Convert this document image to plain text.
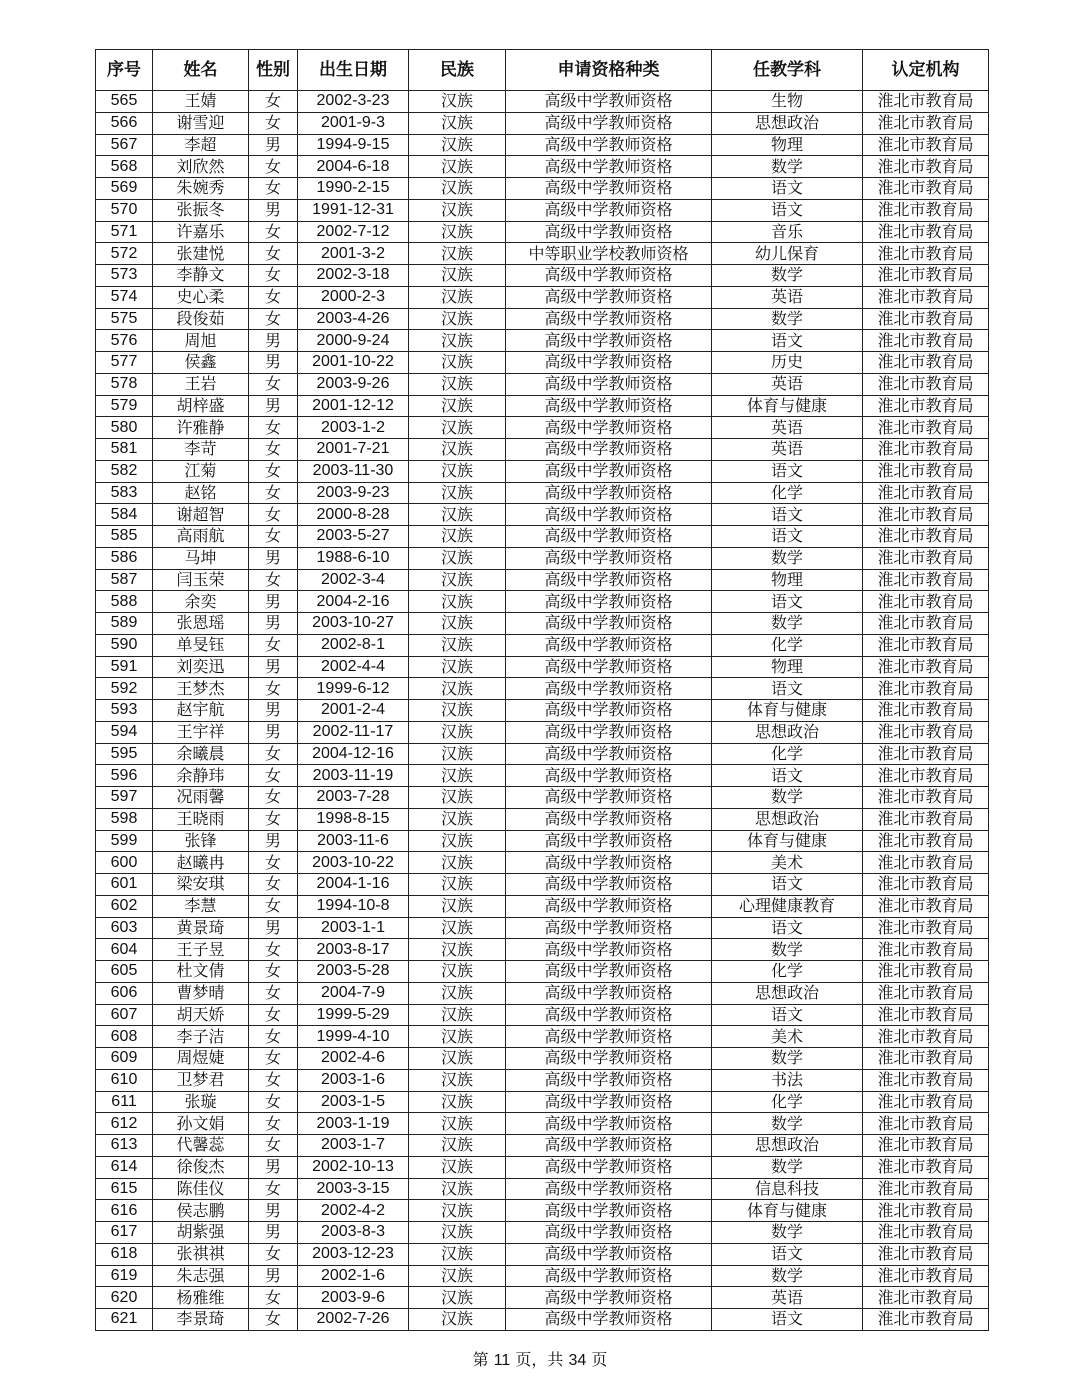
序号	姓名	性别	出生日期	民族	申请资格种类	任教学科	认定机构
565	王婧	女	2002-3-23	汉族	高级中学教师资格	生物	淮北市教育局
566	谢雪迎	女	2001-9-3	汉族	高级中学教师资格	思想政治	淮北市教育局
567	李超	男	1994-9-15	汉族	高级中学教师资格	物理	淮北市教育局
568	刘欣然	女	2004-6-18	汉族	高级中学教师资格	数学	淮北市教育局
569	朱婉秀	女	1990-2-15	汉族	高级中学教师资格	语文	淮北市教育局
570	张振冬	男	1991-12-31	汉族	高级中学教师资格	语文	淮北市教育局
571	许嘉乐	女	2002-7-12	汉族	高级中学教师资格	音乐	淮北市教育局
572	张建悦	女	2001-3-2	汉族	中等职业学校教师资格	幼儿保育	淮北市教育局
573	李静文	女	2002-3-18	汉族	高级中学教师资格	数学	淮北市教育局
574	史心柔	女	2000-2-3	汉族	高级中学教师资格	英语	淮北市教育局
575	段俊茹	女	2003-4-26	汉族	高级中学教师资格	数学	淮北市教育局
576	周旭	男	2000-9-24	汉族	高级中学教师资格	语文	淮北市教育局
577	侯鑫	男	2001-10-22	汉族	高级中学教师资格	历史	淮北市教育局
578	王岩	女	2003-9-26	汉族	高级中学教师资格	英语	淮北市教育局
579	胡梓盛	男	2001-12-12	汉族	高级中学教师资格	体育与健康	淮北市教育局
580	许雅静	女	2003-1-2	汉族	高级中学教师资格	英语	淮北市教育局
581	李苛	女	2001-7-21	汉族	高级中学教师资格	英语	淮北市教育局
582	江菊	女	2003-11-30	汉族	高级中学教师资格	语文	淮北市教育局
583	赵铭	女	2003-9-23	汉族	高级中学教师资格	化学	淮北市教育局
584	谢超智	女	2000-8-28	汉族	高级中学教师资格	语文	淮北市教育局
585	高雨航	女	2003-5-27	汉族	高级中学教师资格	语文	淮北市教育局
586	马坤	男	1988-6-10	汉族	高级中学教师资格	数学	淮北市教育局
587	闫玉荣	女	2002-3-4	汉族	高级中学教师资格	物理	淮北市教育局
588	余奕	男	2004-2-16	汉族	高级中学教师资格	语文	淮北市教育局
589	张恩瑶	男	2003-10-27	汉族	高级中学教师资格	数学	淮北市教育局
590	单旻钰	女	2002-8-1	汉族	高级中学教师资格	化学	淮北市教育局
591	刘奕迅	男	2002-4-4	汉族	高级中学教师资格	物理	淮北市教育局
592	王梦杰	女	1999-6-12	汉族	高级中学教师资格	语文	淮北市教育局
593	赵宇航	男	2001-2-4	汉族	高级中学教师资格	体育与健康	淮北市教育局
594	王宇祥	男	2002-11-17	汉族	高级中学教师资格	思想政治	淮北市教育局
595	余曦晨	女	2004-12-16	汉族	高级中学教师资格	化学	淮北市教育局
596	余静玮	女	2003-11-19	汉族	高级中学教师资格	语文	淮北市教育局
597	况雨馨	女	2003-7-28	汉族	高级中学教师资格	数学	淮北市教育局
598	王晓雨	女	1998-8-15	汉族	高级中学教师资格	思想政治	淮北市教育局
599	张锋	男	2003-11-6	汉族	高级中学教师资格	体育与健康	淮北市教育局
600	赵曦冉	女	2003-10-22	汉族	高级中学教师资格	美术	淮北市教育局
601	梁安琪	女	2004-1-16	汉族	高级中学教师资格	语文	淮北市教育局
602	李慧	女	1994-10-8	汉族	高级中学教师资格	心理健康教育	淮北市教育局
603	黄景琦	男	2003-1-1	汉族	高级中学教师资格	语文	淮北市教育局
604	王子昱	女	2003-8-17	汉族	高级中学教师资格	数学	淮北市教育局
605	杜文倩	女	2003-5-28	汉族	高级中学教师资格	化学	淮北市教育局
606	曹梦晴	女	2004-7-9	汉族	高级中学教师资格	思想政治	淮北市教育局
607	胡天娇	女	1999-5-29	汉族	高级中学教师资格	语文	淮北市教育局
608	李子洁	女	1999-4-10	汉族	高级中学教师资格	美术	淮北市教育局
609	周煜婕	女	2002-4-6	汉族	高级中学教师资格	数学	淮北市教育局
610	卫梦君	女	2003-1-6	汉族	高级中学教师资格	书法	淮北市教育局
611	张璇	女	2003-1-5	汉族	高级中学教师资格	化学	淮北市教育局
612	孙文娟	女	2003-1-19	汉族	高级中学教师资格	数学	淮北市教育局
613	代馨蕊	女	2003-1-7	汉族	高级中学教师资格	思想政治	淮北市教育局
614	徐俊杰	男	2002-10-13	汉族	高级中学教师资格	数学	淮北市教育局
615	陈佳仪	女	2003-3-15	汉族	高级中学教师资格	信息科技	淮北市教育局
616	侯志鹏	男	2002-4-2	汉族	高级中学教师资格	体育与健康	淮北市教育局
617	胡紫强	男	2003-8-3	汉族	高级中学教师资格	数学	淮北市教育局
618	张祺祺	女	2003-12-23	汉族	高级中学教师资格	语文	淮北市教育局
619	朱志强	男	2002-1-6	汉族	高级中学教师资格	数学	淮北市教育局
620	杨雅维	女	2003-9-6	汉族	高级中学教师资格	英语	淮北市教育局
621	李景琦	女	2002-7-26	汉族	高级中学教师资格	语文	淮北市教育局
第 11 页，共 34 页
